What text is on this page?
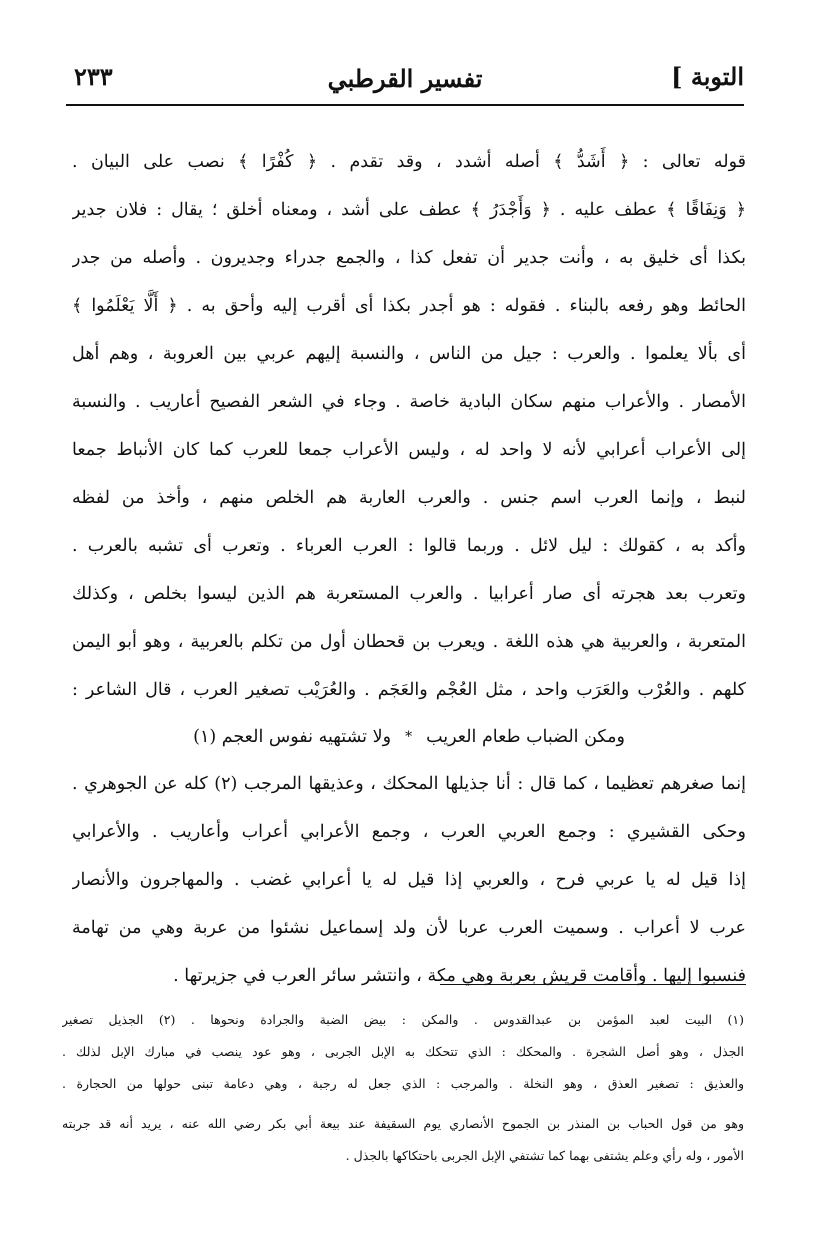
التوبة ]
تفسير القرطبي
٢٣٣
قوله تعالى : ﴿ أَشَدُّ ﴾ أصله أشدد ، وقد تقدم . ﴿ كُفْرًا ﴾ نصب على البيان .
﴿ وَنِفَاقًا ﴾ عطف عليه . ﴿ وَأَجْدَرُ ﴾ عطف على أشد ، ومعناه أخلق ؛ يقال : فلان جدير
بكذا أى خليق به ، وأنت جدير أن تفعل كذا ، والجمع جدراء وجديرون . وأصله من جدر
الحائط وهو رفعه بالبناء . فقوله : هو أجدر بكذا أى أقرب إليه وأحق به . ﴿ أَلَّا يَعْلَمُوا ﴾
أى بألا يعلموا . والعرب : جيل من الناس ، والنسبة إليهم عربي بين العروبة ، وهم أهل
الأمصار . والأعراب منهم سكان البادية خاصة . وجاء في الشعر الفصيح أعاريب . والنسبة
إلى الأعراب أعرابي لأنه لا واحد له ، وليس الأعراب جمعا للعرب كما كان الأنباط جمعا
لنبط ، وإنما العرب اسم جنس . والعرب العاربة هم الخلص منهم ، وأخذ من لفظه
وأكد به ، كقولك : ليل لائل . وربما قالوا : العرب العرباء . وتعرب أى تشبه بالعرب .
وتعرب بعد هجرته أى صار أعرابيا . والعرب المستعربة هم الذين ليسوا بخلص ، وكذلك
المتعربة ، والعربية هي هذه اللغة . ويعرب بن قحطان أول من تكلم بالعربية ، وهو أبو اليمن
كلهم . والعُرْب والعَرَب واحد ، مثل العُجْم والعَجَم . والعُرَيْب تصغير العرب ، قال الشاعر :
ومكن الضباب طعام العريب
*
ولا تشتهيه نفوس العجم (١)
إنما صغرهم تعظيما ، كما قال : أنا جذيلها المحكك ، وعذيقها المرجب (٢) كله عن الجوهري .
وحكى القشيري : وجمع العربي العرب ، وجمع الأعرابي أعراب وأعاريب . والأعرابي
إذا قيل له يا عربي فرح ، والعربي إذا قيل له يا أعرابي غضب . والمهاجرون والأنصار
عرب لا أعراب . وسميت العرب عربا لأن ولد إسماعيل نشئوا من عربة وهي من تهامة
فنسبوا إليها . وأقامت قريش بعربة وهي مكة ، وانتشر سائر العرب في جزيرتها .
(١) البيت لعبد المؤمن بن عبدالقدوس . والمكن : بيض الضبة والجرادة ونحوها . (٢) الجذيل تصغير
الجذل ، وهو أصل الشجرة . والمحكك : الذي تتحكك به الإبل الجربى ، وهو عود ينصب في مبارك الإبل لذلك .
والعذيق : تصغير العذق ، وهو النخلة . والمرجب : الذي جعل له رجبة ، وهي دعامة تبنى حولها من الحجارة .
وهو من قول الحباب بن المنذر بن الجموح الأنصاري يوم السقيفة عند بيعة أبي بكر رضي الله عنه ، يريد أنه قد جربته
الأمور ، وله رأي وعلم يشتفى بهما كما تشتفي الإبل الجربى باحتكاكها بالجذل .
